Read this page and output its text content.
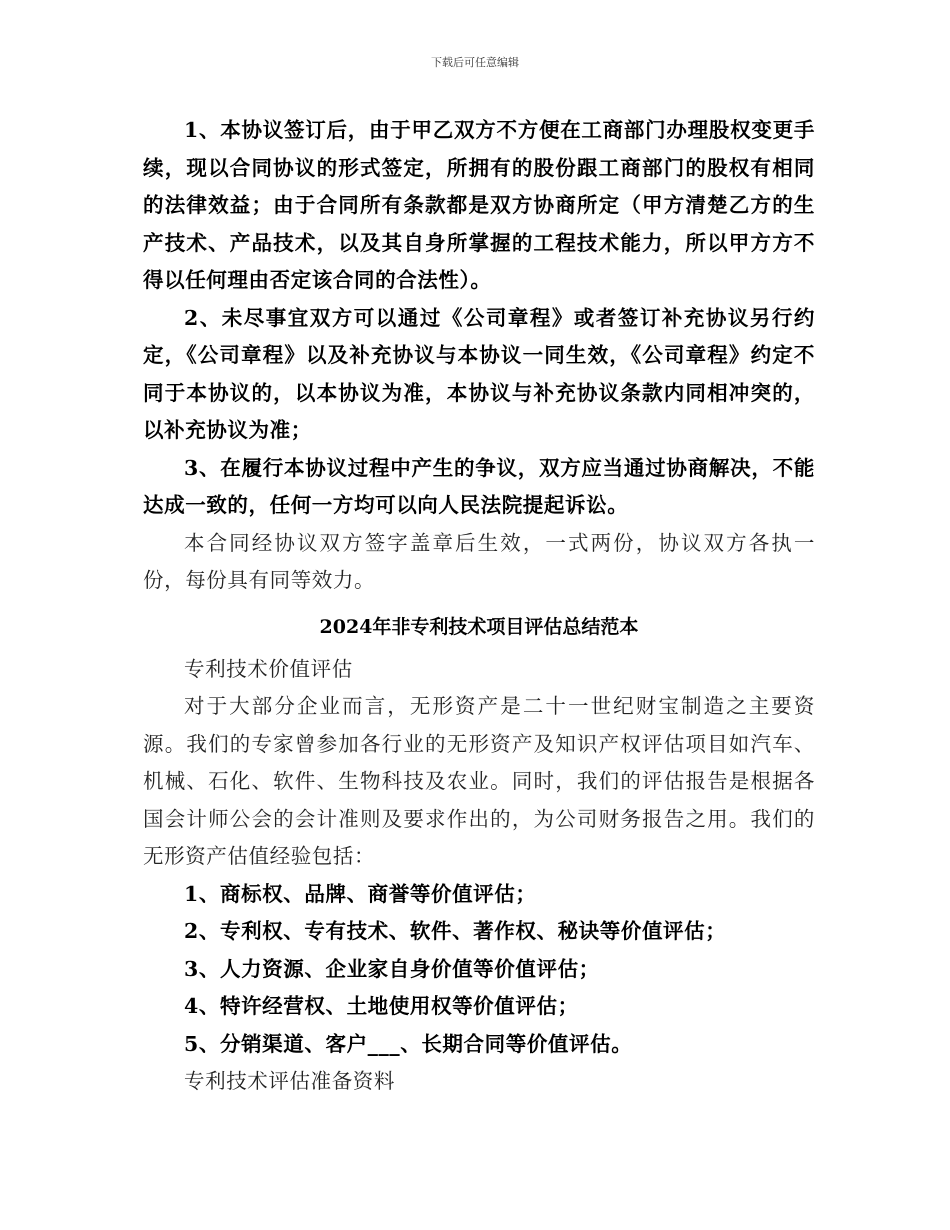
下载后可任意编辑

1、本协议签订后，由于甲乙双方不方便在工商部门办理股权变更手续，现以合同协议的形式签定，所拥有的股份跟工商部门的股权有相同的法律效益；由于合同所有条款都是双方协商所定（甲方清楚乙方的生产技术、产品技术，以及其自身所掌握的工程技术能力，所以甲方方不得以任何理由否定该合同的合法性）。

2、未尽事宜双方可以通过《公司章程》或者签订补充协议另行约定，《公司章程》以及补充协议与本协议一同生效，《公司章程》约定不同于本协议的，以本协议为准，本协议与补充协议条款内同相冲突的，以补充协议为准；

3、在履行本协议过程中产生的争议，双方应当通过协商解决，不能达成一致的，任何一方均可以向人民法院提起诉讼。

本合同经协议双方签字盖章后生效，一式两份，协议双方各执一份，每份具有同等效力。

2024年非专利技术项目评估总结范本

专利技术价值评估

对于大部分企业而言，无形资产是二十一世纪财宝制造之主要资源。我们的专家曾参加各行业的无形资产及知识产权评估项目如汽车、机械、石化、软件、生物科技及农业。同时，我们的评估报告是根据各国会计师公会的会计准则及要求作出的，为公司财务报告之用。我们的无形资产估值经验包括：

1、商标权、品牌、商誉等价值评估；

2、专利权、专有技术、软件、著作权、秘诀等价值评估；

3、人力资源、企业家自身价值等价值评估；

4、特许经营权、土地使用权等价值评估；

5、分销渠道、客户___、长期合同等价值评估。

专利技术评估准备资料
